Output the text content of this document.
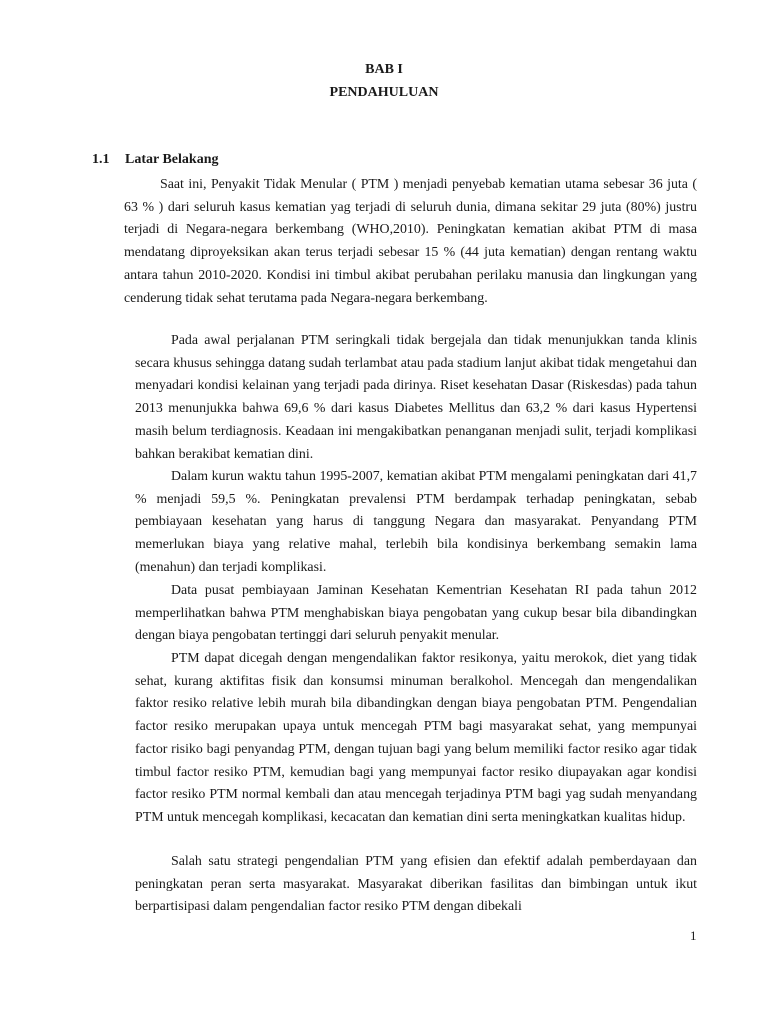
BAB I
PENDAHULUAN
1.1 Latar Belakang

Saat ini, Penyakit Tidak Menular ( PTM ) menjadi penyebab kematian utama sebesar 36 juta ( 63 % ) dari seluruh kasus kematian yag terjadi di seluruh dunia, dimana sekitar 29 juta (80%) justru terjadi di Negara-negara berkembang (WHO,2010). Peningkatan kematian akibat PTM di masa mendatang diproyeksikan akan terus terjadi sebesar 15 % (44 juta kematian) dengan rentang waktu antara tahun 2010-2020. Kondisi ini timbul akibat perubahan perilaku manusia dan lingkungan yang cenderung tidak sehat terutama pada Negara-negara berkembang.

Pada awal perjalanan PTM seringkali tidak bergejala dan tidak menunjukkan tanda klinis secara khusus sehingga datang sudah terlambat atau pada stadium lanjut akibat tidak mengetahui dan menyadari kondisi kelainan yang terjadi pada dirinya. Riset kesehatan Dasar (Riskesdas) pada tahun 2013 menunjukka bahwa 69,6 % dari kasus Diabetes Mellitus dan 63,2 % dari kasus Hypertensi masih belum terdiagnosis. Keadaan ini mengakibatkan penanganan menjadi sulit, terjadi komplikasi bahkan berakibat kematian dini.

Dalam kurun waktu tahun 1995-2007, kematian akibat PTM mengalami peningkatan dari 41,7 % menjadi 59,5 %. Peningkatan prevalensi PTM berdampak terhadap peningkatan, sebab pembiayaan kesehatan yang harus di tanggung Negara dan masyarakat. Penyandang PTM memerlukan biaya yang relative mahal, terlebih bila kondisinya berkembang semakin lama (menahun) dan terjadi komplikasi.

Data pusat pembiayaan Jaminan Kesehatan Kementrian Kesehatan RI pada tahun 2012 memperlihatkan bahwa PTM menghabiskan biaya pengobatan yang cukup besar bila dibandingkan dengan biaya pengobatan tertinggi dari seluruh penyakit menular.

PTM dapat dicegah dengan mengendalikan faktor resikonya, yaitu merokok, diet yang tidak sehat, kurang aktifitas fisik dan konsumsi minuman beralkohol. Mencegah dan mengendalikan faktor resiko relative lebih murah bila dibandingkan dengan biaya pengobatan PTM. Pengendalian factor resiko merupakan upaya untuk mencegah PTM bagi masyarakat sehat, yang mempunyai factor risiko bagi penyandag PTM, dengan tujuan bagi yang belum memiliki factor resiko agar tidak timbul factor resiko PTM, kemudian bagi yang mempunyai factor resiko diupayakan agar kondisi factor resiko PTM normal kembali dan atau mencegah terjadinya PTM bagi yag sudah menyandang PTM untuk mencegah komplikasi, kecacatan dan kematian dini serta meningkatkan kualitas hidup.

Salah satu strategi pengendalian PTM yang efisien dan efektif adalah pemberdayaan dan peningkatan peran serta masyarakat. Masyarakat diberikan fasilitas dan bimbingan untuk ikut berpartisipasi dalam pengendalian factor resiko PTM dengan dibekali

1
